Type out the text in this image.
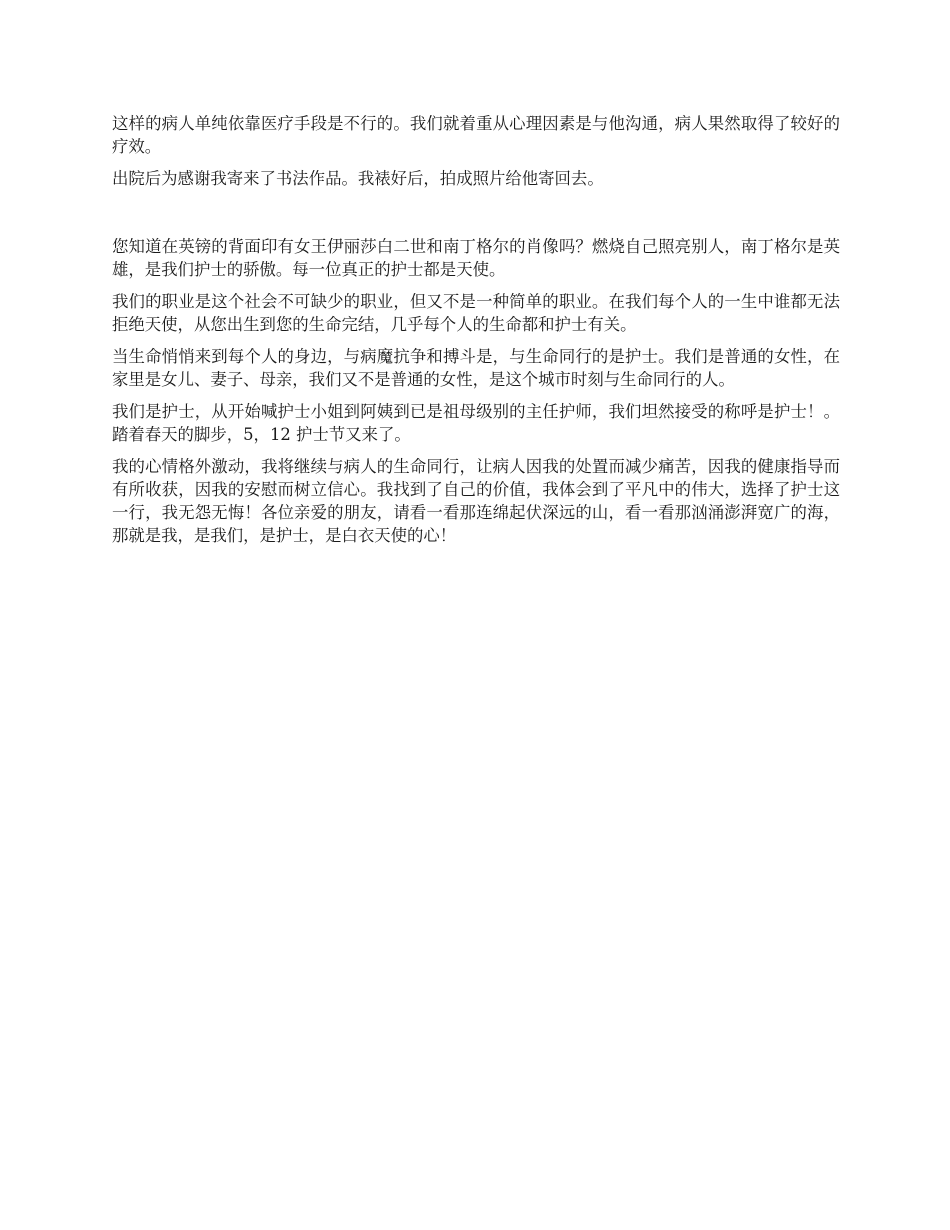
这样的病人单纯依靠医疗手段是不行的。我们就着重从心理因素是与他沟通，病人果然取得了较好的疗效。

出院后为感谢我寄来了书法作品。我裱好后，拍成照片给他寄回去。

您知道在英镑的背面印有女王伊丽莎白二世和南丁格尔的肖像吗？燃烧自己照亮别人，南丁格尔是英雄，是我们护士的骄傲。每一位真正的护士都是天使。

我们的职业是这个社会不可缺少的职业，但又不是一种简单的职业。在我们每个人的一生中谁都无法拒绝天使，从您出生到您的生命完结，几乎每个人的生命都和护士有关。

当生命悄悄来到每个人的身边，与病魔抗争和搏斗是，与生命同行的是护士。我们是普通的女性，在家里是女儿、妻子、母亲，我们又不是普通的女性，是这个城市时刻与生命同行的人。

我们是护士，从开始喊护士小姐到阿姨到已是祖母级别的主任护师，我们坦然接受的称呼是护士！。踏着春天的脚步，5，12 护士节又来了。

我的心情格外激动，我将继续与病人的生命同行，让病人因我的处置而减少痛苦，因我的健康指导而有所收获，因我的安慰而树立信心。我找到了自己的价值，我体会到了平凡中的伟大，选择了护士这一行，我无怨无悔！各位亲爱的朋友，请看一看那连绵起伏深远的山，看一看那汹涌澎湃宽广的海，那就是我，是我们，是护士，是白衣天使的心！
